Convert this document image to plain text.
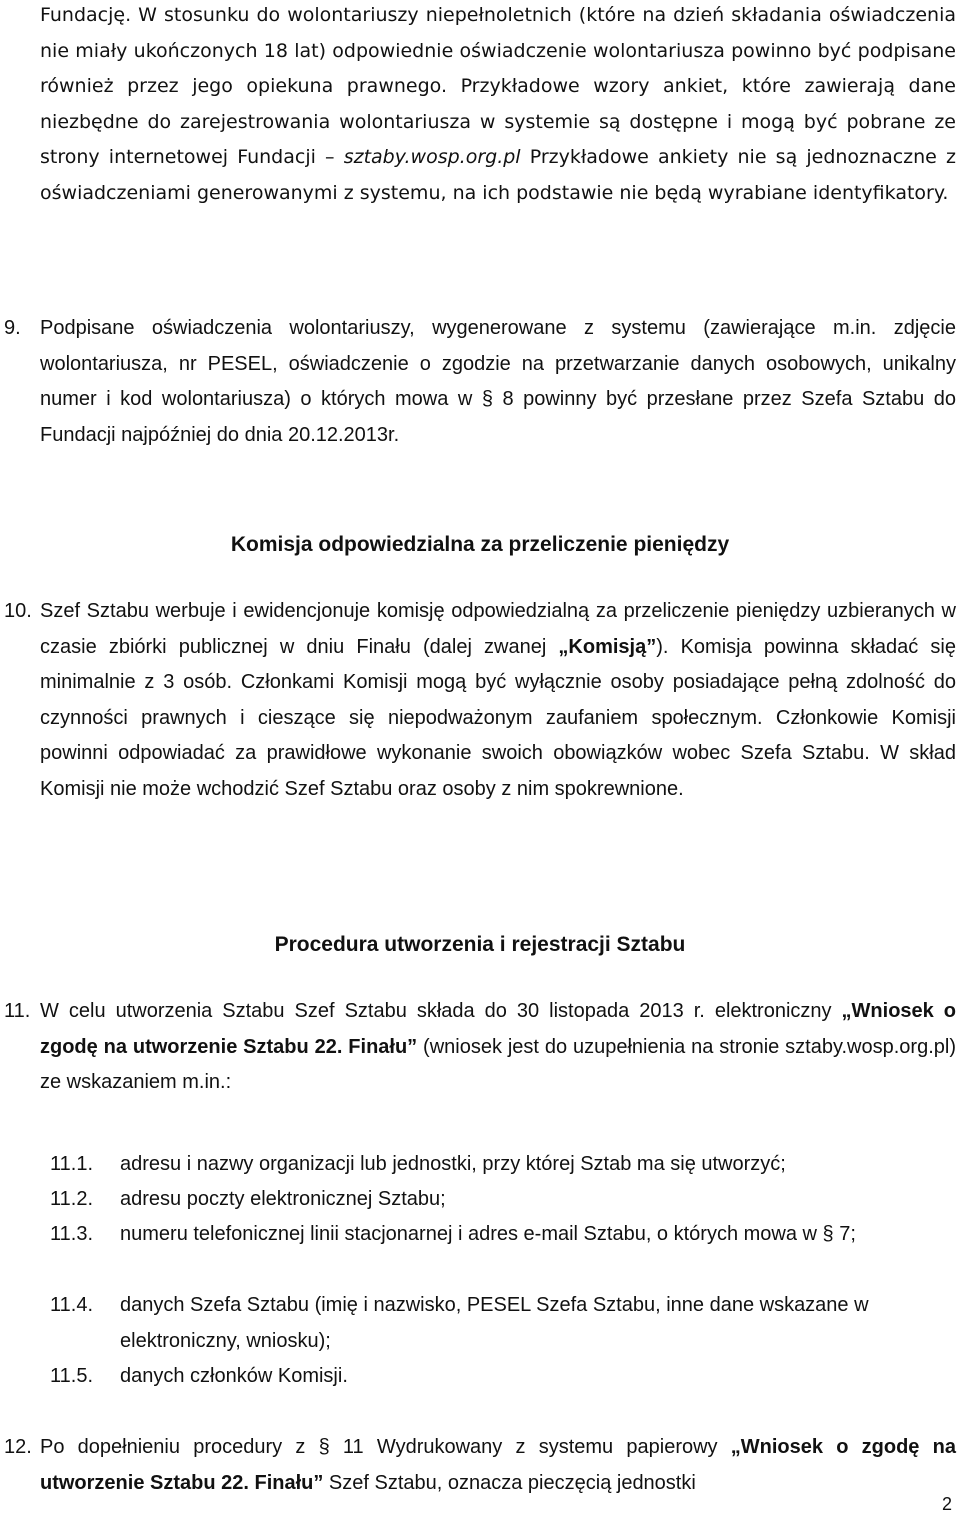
Fundację. W stosunku do wolontariuszy niepełnoletnich (które na dzień składania oświadczenia nie miały ukończonych 18 lat) odpowiednie oświadczenie wolontariusza powinno być podpisane również przez jego opiekuna prawnego. Przykładowe wzory ankiet, które zawierają dane niezbędne do zarejestrowania wolontariusza w systemie są dostępne i mogą być pobrane ze strony internetowej Fundacji – sztaby.wosp.org.pl Przykładowe ankiety nie są jednoznaczne z oświadczeniami generowanymi z systemu, na ich podstawie nie będą wyrabiane identyfikatory.
9. Podpisane oświadczenia wolontariuszy, wygenerowane z systemu (zawierające m.in. zdjęcie wolontariusza, nr PESEL, oświadczenie o zgodzie na przetwarzanie danych osobowych, unikalny numer i kod wolontariusza) o których mowa w § 8 powinny być przesłane przez Szefa Sztabu do Fundacji najpóźniej do dnia 20.12.2013r.
Komisja odpowiedzialna za przeliczenie pieniędzy
10. Szef Sztabu werbuje i ewidencjonuje komisję odpowiedzialną za przeliczenie pieniędzy uzbieranych w czasie zbiórki publicznej w dniu Finału (dalej zwanej „Komisją”). Komisja powinna składać się minimalnie z 3 osób. Członkami Komisji mogą być wyłącznie osoby posiadające pełną zdolność do czynności prawnych i cieszące się niepodważonym zaufaniem społecznym. Członkowie Komisji powinni odpowiadać za prawidłowe wykonanie swoich obowiązków wobec Szefa Sztabu. W skład Komisji nie może wchodzić Szef Sztabu oraz osoby z nim spokrewnione.
Procedura utworzenia i rejestracji Sztabu
11. W celu utworzenia Sztabu Szef Sztabu składa do 30 listopada 2013 r. elektroniczny „Wniosek o zgodę na utworzenie Sztabu 22. Finału” (wniosek jest do uzupełnienia na stronie sztaby.wosp.org.pl) ze wskazaniem m.in.:
11.1. adresu i nazwy organizacji lub jednostki, przy której Sztab ma się utworzyć;
11.2. adresu poczty elektronicznej Sztabu;
11.3. numeru telefonicznej linii stacjonarnej i adres e-mail Sztabu, o których mowa w § 7;
11.4. danych Szefa Sztabu (imię i nazwisko, PESEL Szefa Sztabu, inne dane wskazane w elektroniczny, wniosku);
11.5. danych członków Komisji.
12. Po dopełnieniu procedury z § 11 Wydrukowany z systemu papierowy „Wniosek o zgodę na utworzenie Sztabu 22. Finału” Szef Sztabu, oznacza pieczęcią jednostki
2
